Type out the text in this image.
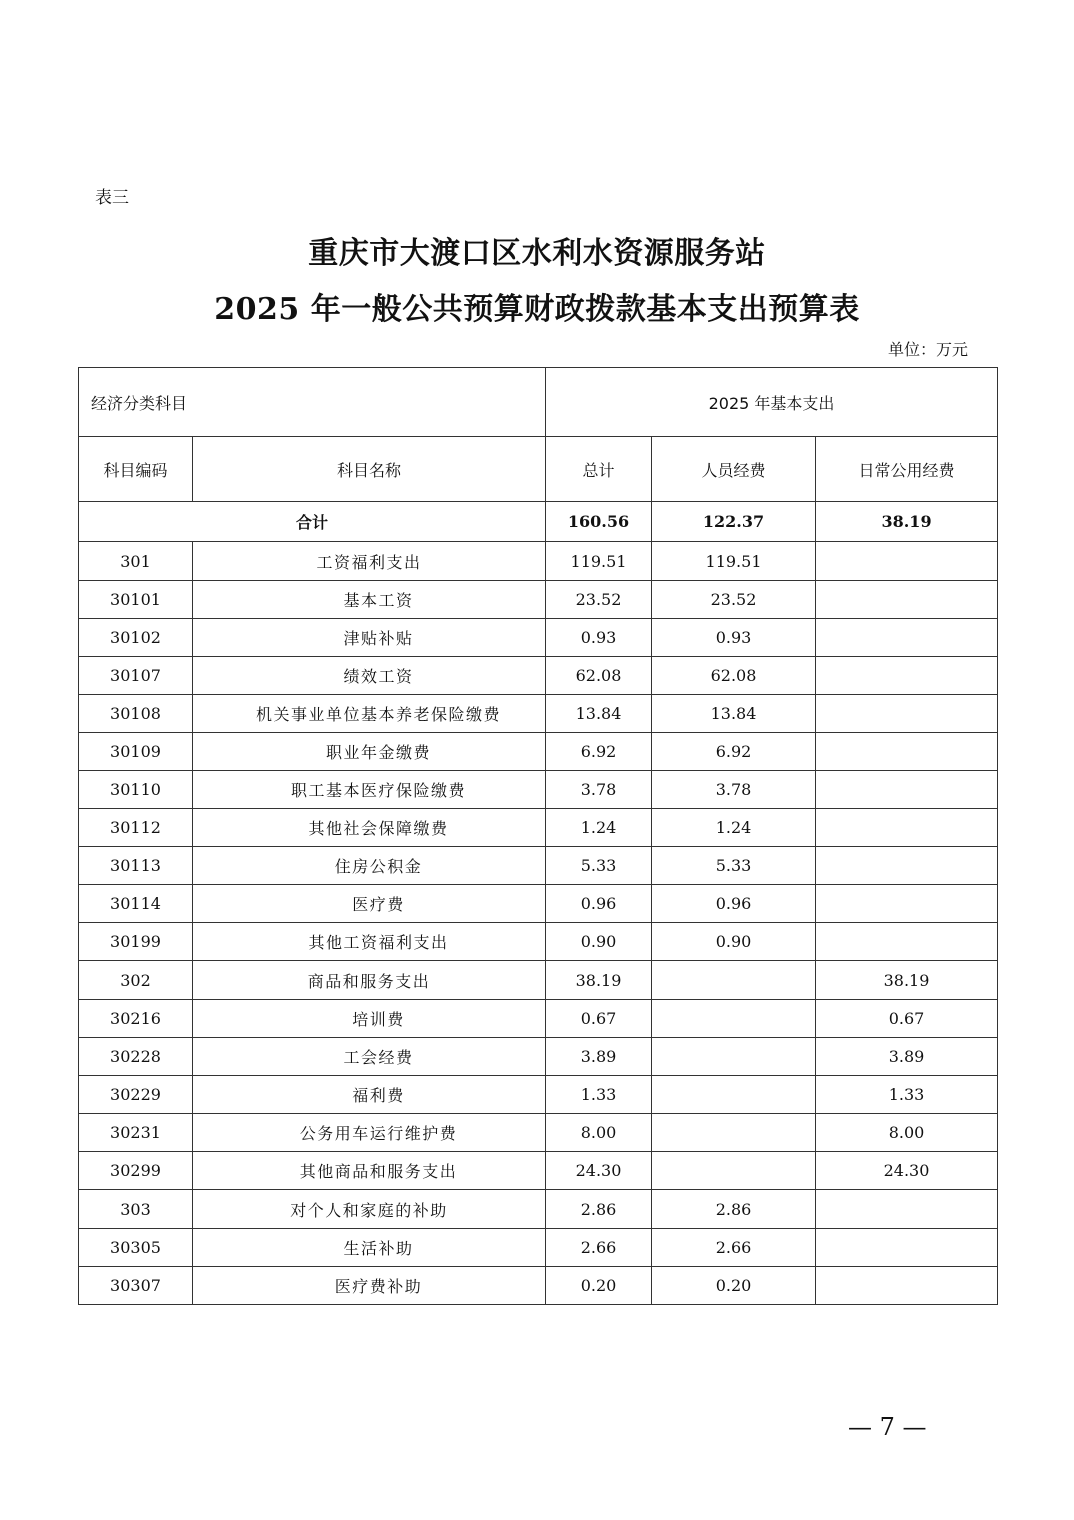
表三
重庆市大渡口区水利水资源服务站
2025 年一般公共预算财政拨款基本支出预算表
单位：万元
经济分类科目		2025 年基本支出		
科目编码	科目名称	总计	人员经费	日常公用经费
合计		160.56	122.37	38.19
301	工资福利支出	119.51	119.51	
30101	基本工资	23.52	23.52	
30102	津贴补贴	0.93	0.93	
30107	绩效工资	62.08	62.08	
30108	机关事业单位基本养老保险缴费	13.84	13.84	
30109	职业年金缴费	6.92	6.92	
30110	职工基本医疗保险缴费	3.78	3.78	
30112	其他社会保障缴费	1.24	1.24	
30113	住房公积金	5.33	5.33	
30114	医疗费	0.96	0.96	
30199	其他工资福利支出	0.90	0.90	
302	商品和服务支出	38.19		38.19
30216	培训费	0.67		0.67
30228	工会经费	3.89		3.89
30229	福利费	1.33		1.33
30231	公务用车运行维护费	8.00		8.00
30299	其他商品和服务支出	24.30		24.30
303	对个人和家庭的补助	2.86	2.86	
30305	生活补助	2.66	2.66	
30307	医疗费补助	0.20	0.20	
— 7 —
